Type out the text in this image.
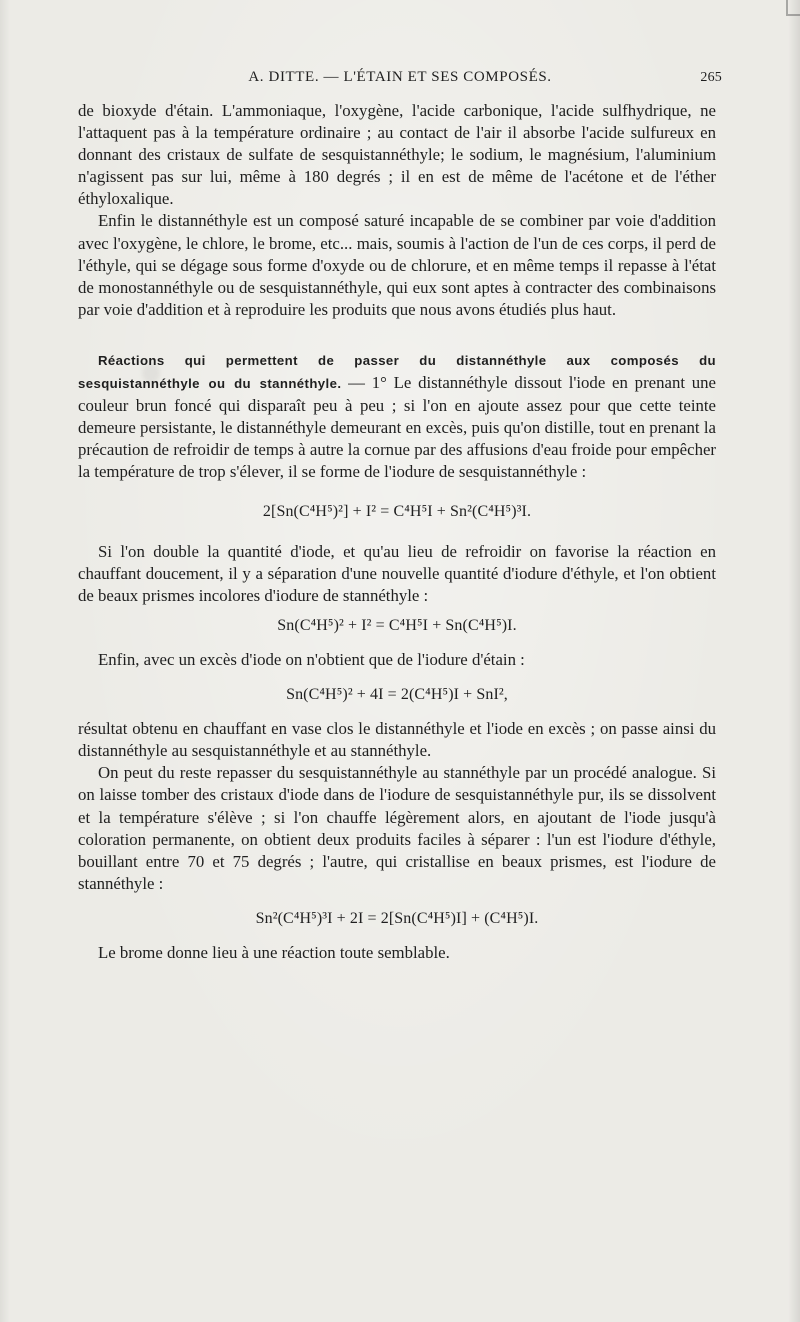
A. DITTE. — L'ÉTAIN ET SES COMPOSÉS.	265

de bioxyde d'étain. L'ammoniaque, l'oxygène, l'acide carbonique, l'acide sulfhydrique, ne l'attaquent pas à la température ordinaire ; au contact de l'air il absorbe l'acide sulfureux en donnant des cristaux de sulfate de sesquistannéthyle; le sodium, le magnésium, l'aluminium n'agissent pas sur lui, même à 180 degrés ; il en est de même de l'acétone et de l'éther éthyloxalique.

Enfin le distannéthyle est un composé saturé incapable de se combiner par voie d'addition avec l'oxygène, le chlore, le brome, etc... mais, soumis à l'action de l'un de ces corps, il perd de l'éthyle, qui se dégage sous forme d'oxyde ou de chlorure, et en même temps il repasse à l'état de monostannéthyle ou de sesquistannéthyle, qui eux sont aptes à contracter des combinaisons par voie d'addition et à reproduire les produits que nous avons étudiés plus haut.

Réactions qui permettent de passer du distannéthyle aux composés du sesquistannéthyle ou du stannéthyle. — 1° Le distannéthyle dissout l'iode en prenant une couleur brun foncé qui disparaît peu à peu ; si l'on en ajoute assez pour que cette teinte demeure persistante, le distannéthyle demeurant en excès, puis qu'on distille, tout en prenant la précaution de refroidir de temps à autre la cornue par des affusions d'eau froide pour empêcher la température de trop s'élever, il se forme de l'iodure de sesquistannéthyle :

2[Sn(C⁴H⁵)²] + I² = C⁴H⁵I + Sn²(C⁴H⁵)³I.

Si l'on double la quantité d'iode, et qu'au lieu de refroidir on favorise la réaction en chauffant doucement, il y a séparation d'une nouvelle quantité d'iodure d'éthyle, et l'on obtient de beaux prismes incolores d'iodure de stannéthyle :

Sn(C⁴H⁵)² + I² = C⁴H⁵I + Sn(C⁴H⁵)I.

Enfin, avec un excès d'iode on n'obtient que de l'iodure d'étain :

Sn(C⁴H⁵)² + 4I = 2(C⁴H⁵)I + SnI²,

résultat obtenu en chauffant en vase clos le distannéthyle et l'iode en excès ; on passe ainsi du distannéthyle au sesquistannéthyle et au stannéthyle.

On peut du reste repasser du sesquistannéthyle au stannéthyle par un procédé analogue. Si on laisse tomber des cristaux d'iode dans de l'iodure de sesquistannéthyle pur, ils se dissolvent et la température s'élève ; si l'on chauffe légèrement alors, en ajoutant de l'iode jusqu'à coloration permanente, on obtient deux produits faciles à séparer : l'un est l'iodure d'éthyle, bouillant entre 70 et 75 degrés ; l'autre, qui cristallise en beaux prismes, est l'iodure de stannéthyle :

Sn²(C⁴H⁵)³I + 2I = 2[Sn(C⁴H⁵)I] + (C⁴H⁵)I.

Le brome donne lieu à une réaction toute semblable.
